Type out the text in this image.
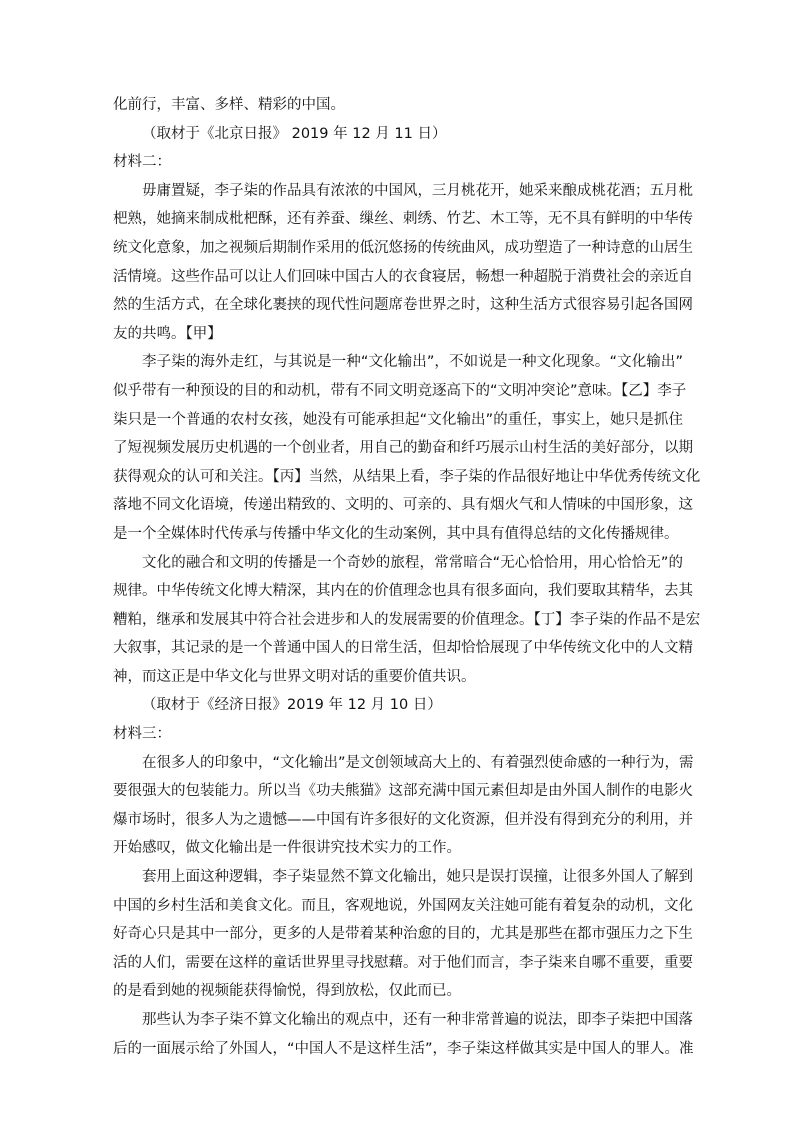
化前行，丰富、多样、精彩的中国。
（取材于《北京日报》 2019 年 12 月 11 日）
材料二：
毋庸置疑，李子柒的作品具有浓浓的中国风，三月桃花开，她采来酿成桃花酒；五月枇
杷熟，她摘来制成枇杷酥，还有养蚕、缫丝、刺绣、竹艺、木工等，无不具有鲜明的中华传
统文化意象，加之视频后期制作采用的低沉悠扬的传统曲风，成功塑造了一种诗意的山居生
活情境。这些作品可以让人们回味中国古人的衣食寝居，畅想一种超脱于消费社会的亲近自
然的生活方式，在全球化裹挟的现代性问题席卷世界之时，这种生活方式很容易引起各国网
友的共鸣。【甲】
李子柒的海外走红，与其说是一种“文化输出”，不如说是一种文化现象。“文化输出”
似乎带有一种预设的目的和动机，带有不同文明竞逐高下的“文明冲突论”意味。【乙】李子
柒只是一个普通的农村女孩，她没有可能承担起“文化输出”的重任，事实上，她只是抓住
了短视频发展历史机遇的一个创业者，用自己的勤奋和纤巧展示山村生活的美好部分，以期
获得观众的认可和关注。【丙】当然，从结果上看，李子柒的作品很好地让中华优秀传统文化
落地不同文化语境，传递出精致的、文明的、可亲的、具有烟火气和人情味的中国形象，这
是一个全媒体时代传承与传播中华文化的生动案例，其中具有值得总结的文化传播规律。
文化的融合和文明的传播是一个奇妙的旅程，常常暗合“无心恰恰用，用心恰恰无”的
规律。中华传统文化博大精深，其内在的价值理念也具有很多面向，我们要取其精华，去其
糟粕，继承和发展其中符合社会进步和人的发展需要的价值理念。【丁】李子柒的作品不是宏
大叙事，其记录的是一个普通中国人的日常生活，但却恰恰展现了中华传统文化中的人文精
神，而这正是中华文化与世界文明对话的重要价值共识。
（取材于《经济日报》2019 年 12 月 10 日）
材料三：
在很多人的印象中，“文化输出”是文创领域高大上的、有着强烈使命感的一种行为，需
要很强大的包装能力。所以当《功夫熊猫》这部充满中国元素但却是由外国人制作的电影火
爆市场时，很多人为之遗憾——中国有许多很好的文化资源，但并没有得到充分的利用，并
开始感叹，做文化输出是一件很讲究技术实力的工作。
套用上面这种逻辑，李子柒显然不算文化输出，她只是误打误撞，让很多外国人了解到
中国的乡村生活和美食文化。而且，客观地说，外国网友关注她可能有着复杂的动机，文化
好奇心只是其中一部分，更多的人是带着某种治愈的目的，尤其是那些在都市强压力之下生
活的人们，需要在这样的童话世界里寻找慰藉。对于他们而言，李子柒来自哪不重要，重要
的是看到她的视频能获得愉悦，得到放松，仅此而已。
那些认为李子柒不算文化输出的观点中，还有一种非常普遍的说法，即李子柒把中国落
后的一面展示给了外国人，“中国人不是这样生活”，李子柒这样做其实是中国人的罪人。准
